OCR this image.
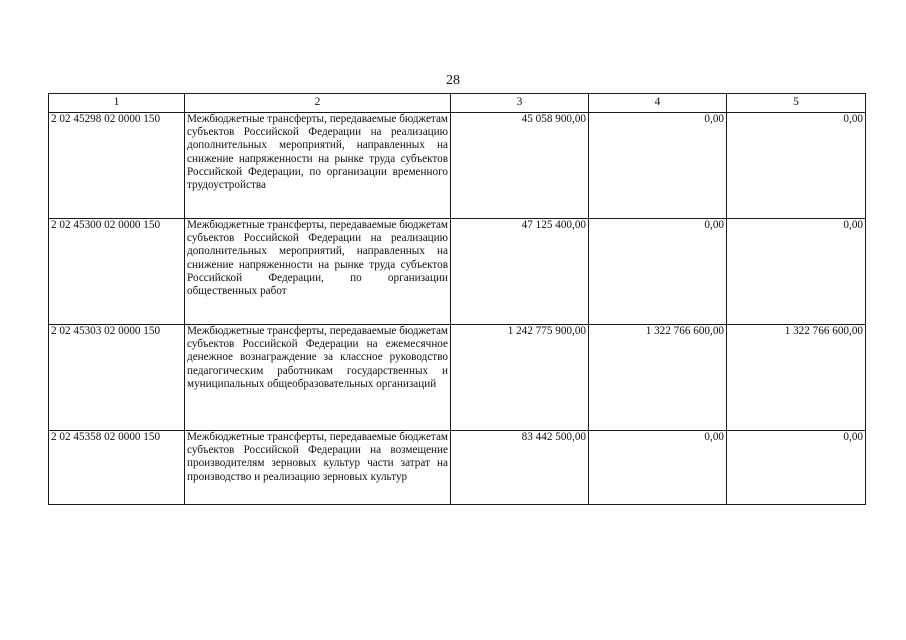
28
1	2	3	4	5
2 02 45298 02 0000 150	Межбюджетные трансферты, передаваемые бюджетам субъектов Российской Федерации на реализацию дополнительных мероприятий, направленных на снижение напряженности на рынке труда субъектов Российской Федерации, по организации временного трудоустройства	45 058 900,00	0,00	0,00
2 02 45300 02 0000 150	Межбюджетные трансферты, передаваемые бюджетам субъектов Российской Федерации на реализацию дополнительных мероприятий, направленных на снижение напряженности на рынке труда субъектов Российской Федерации, по организации общественных работ	47 125 400,00	0,00	0,00
2 02 45303 02 0000 150	Межбюджетные трансферты, передаваемые бюджетам субъектов Российской Федерации на ежемесячное денежное вознаграждение за классное руководство педагогическим работникам государственных и муниципальных общеобразовательных организаций	1 242 775 900,00	1 322 766 600,00	1 322 766 600,00
2 02 45358 02 0000 150	Межбюджетные трансферты, передаваемые бюджетам субъектов Российской Федерации на возмещение производителям зерновых культур части затрат на производство и реализацию зерновых культур	83 442 500,00	0,00	0,00
